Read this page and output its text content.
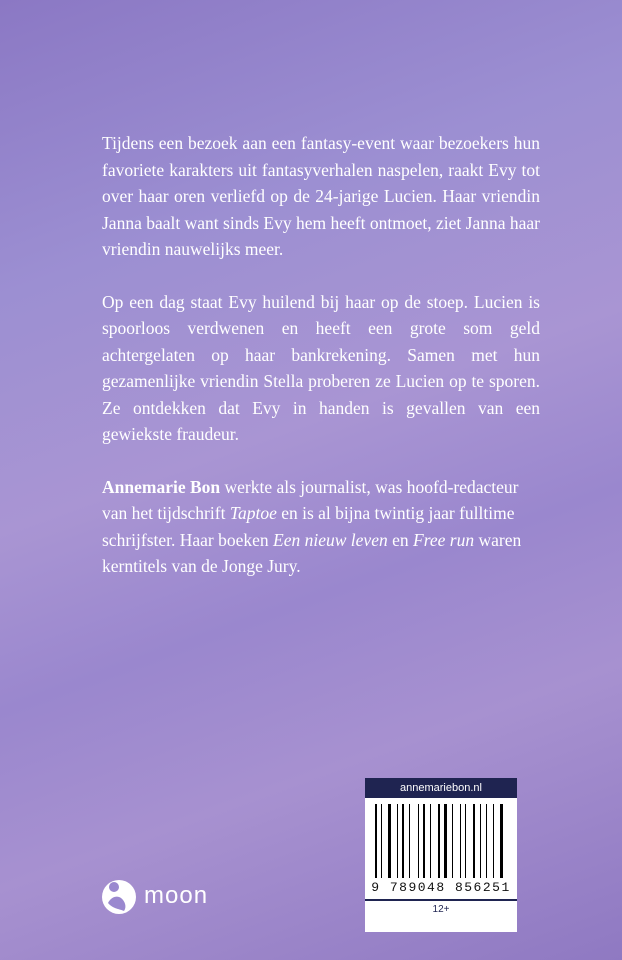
Tijdens een bezoek aan een fantasy-event waar bezoekers hun favoriete karakters uit fantasyverhalen naspelen, raakt Evy tot over haar oren verliefd op de 24-jarige Lucien. Haar vriendin Janna baalt want sinds Evy hem heeft ontmoet, ziet Janna haar vriendin nauwelijks meer.

Op een dag staat Evy huilend bij haar op de stoep. Lucien is spoorloos verdwenen en heeft een grote som geld achtergelaten op haar bankrekening. Samen met hun gezamenlijke vriendin Stella proberen ze Lucien op te sporen. Ze ontdekken dat Evy in handen is gevallen van een gewiekste fraudeur.

Annemarie Bon werkte als journalist, was hoofd-redacteur van het tijdschrift Taptoe en is al bijna twintig jaar fulltime schrijfster. Haar boeken Een nieuw leven en Free run waren kerntitels van de Jonge Jury.

annemariebon.nl
9 789048 856251
12+
moon
